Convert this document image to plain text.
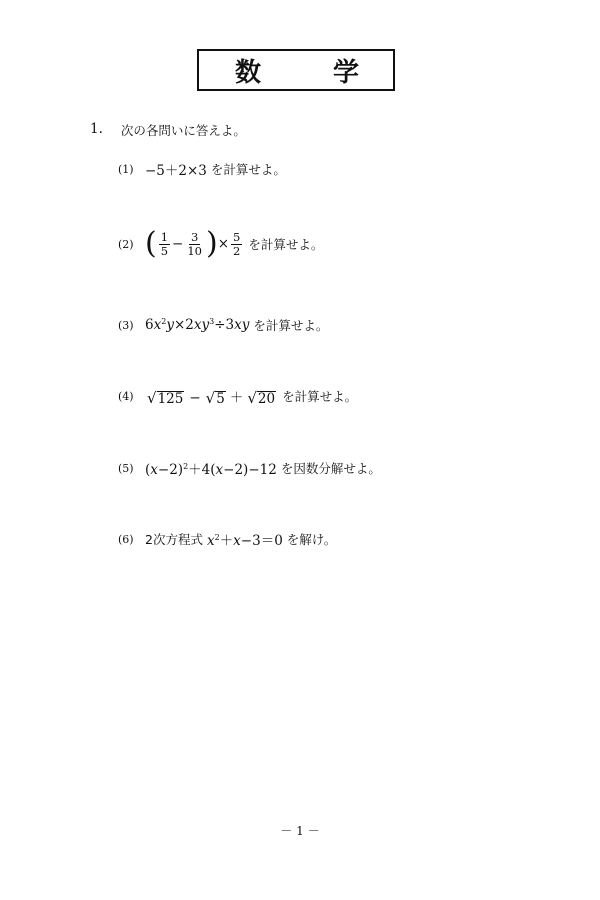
数	学
1. 次の各問いに答えよ。
(1) −5＋2×3 を計算せよ。
(2) ( $\frac{1}{5} - \frac{3}{10}$ ) × $\frac{5}{2}$ を計算せよ。
(3) $6x^2y\times 2xy^3\div 3xy$ を計算せよ。
(4) √ 125 − √ 5 ＋ √ 20 を計算せよ。
(5) $(x-2)^2+4(x-2)-12$ を因数分解せよ。
(6) 2次方程式 $x^2+x-3=0$ を解け。
－ 1 －
